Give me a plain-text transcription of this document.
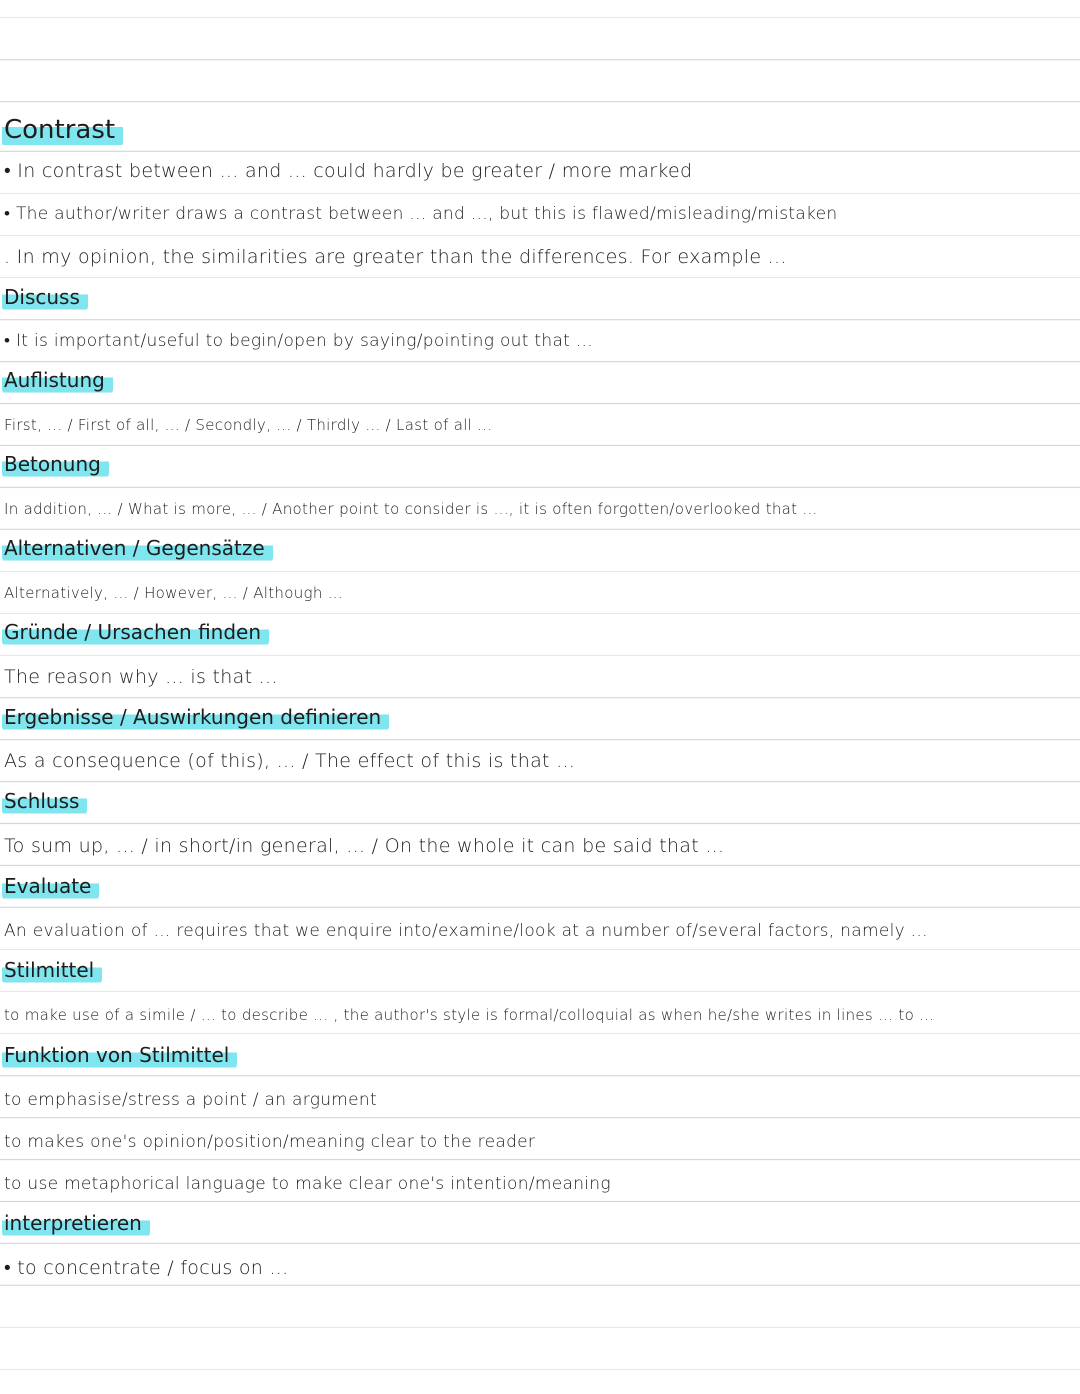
Contrast
• In contrast between ... and ... could hardly be greater / more marked
• The author/writer draws a contrast between ... and ..., but this is flawed/misleading/mistaken
. In my opinion, the similarities are greater than the differences. For example ...
Discuss
• It is important/useful to begin/open by saying/pointing out that ...
Auflistung
First, ... / First of all, ... / Secondly, ... / Thirdly ... / Last of all ...
Betonung
In addition, ... / What is more, ... / Another point to consider is ..., it is often forgotten/overlooked that ...
Alternativen / Gegensätze
Alternatively, ... / However, ... / Although ...
Gründe / Ursachen finden
The reason why ... is that ...
Ergebnisse / Auswirkungen definieren
As a consequence (of this), ... / The effect of this is that ...
Schluss
To sum up, ... / in short/in general, ... / On the whole it can be said that ...
Evaluate
An evaluation of ... requires that we enquire into/examine/look at a number of/several factors, namely ...
Stilmittel
to make use of a simile / ... to describe ... , the author's style is formal/colloquial as when he/she writes in lines ... to ...
Funktion von Stilmittel
to emphasise/stress a point / an argument
to makes one's opinion/position/meaning clear to the reader
to use metaphorical language to make clear one's intention/meaning
interpretieren
• to concentrate / focus on ...
